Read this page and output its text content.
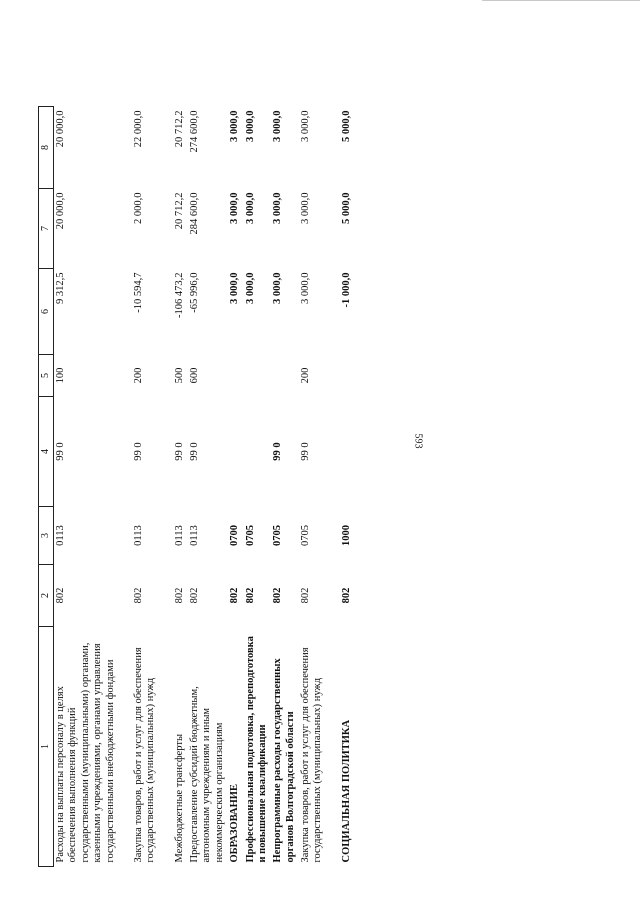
593
1	2	3	4	5	6	7	8
Расходы на выплаты персоналу в целях обеспечения выполнения функций государственными (муниципальными) органами, казенными учреждениями, органами управления государственными внебюджетными фондами	802	0113	99 0	100	9 312,5	20 000,0	20 000,0
Закупка товаров, работ и услуг для обеспечения государственных (муниципальных) нужд	802	0113	99 0	200	-10 594,7	2 000,0	22 000,0
Межбюджетные трансферты	802	0113	99 0	500	-106 473,2	20 712,2	20 712,2
Предоставление субсидий бюджетным, автономным учреждениям и иным некоммерческим организациям	802	0113	99 0	600	-65 996,0	284 600,0	274 600,0
ОБРАЗОВАНИЕ	802	0700			3 000,0	3 000,0	3 000,0
Профессиональная подготовка, переподготовка и повышение квалификации	802	0705			3 000,0	3 000,0	3 000,0
Непрограммные расходы государственных органов Волгоградской области	802	0705	99 0		3 000,0	3 000,0	3 000,0
Закупка товаров, работ и услуг для обеспечения государственных (муниципальных) нужд	802	0705	99 0	200	3 000,0	3 000,0	3 000,0
СОЦИАЛЬНАЯ ПОЛИТИКА	802	1000			-1 000,0	5 000,0	5 000,0
